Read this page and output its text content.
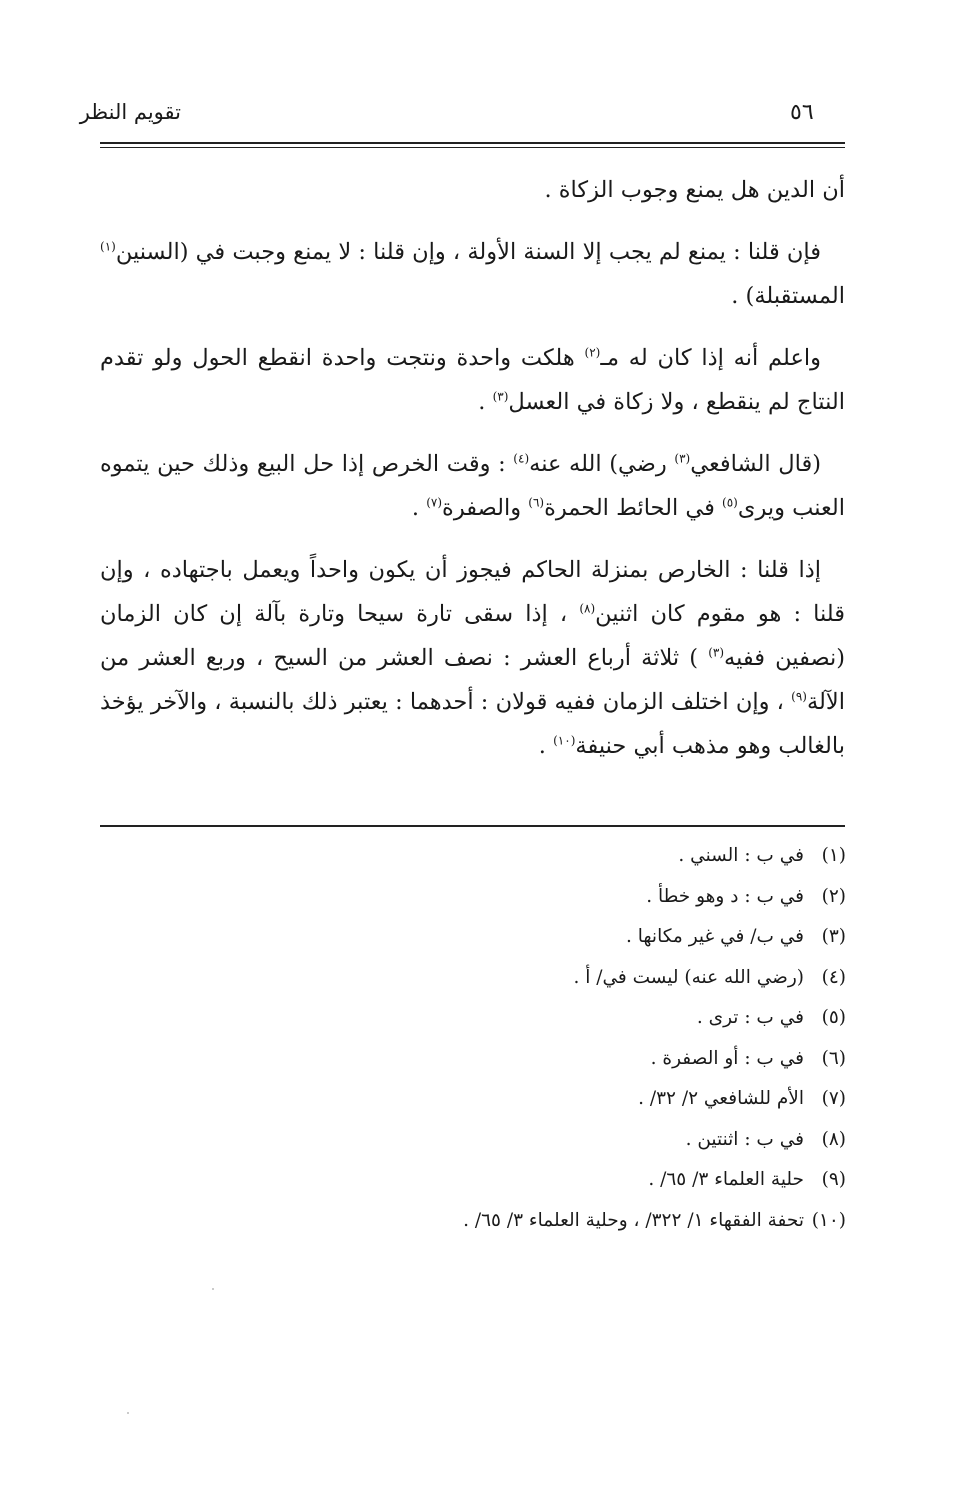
تقويم النظر	٥٦

أن الدين هل يمنع وجوب الزكاة .

فإن قلنا : يمنع لم يجب إلا السنة الأولة ، وإن قلنا : لا يمنع وجبت في (السنين$^{(١)}$ المستقبلة) .

واعلم أنه إذا كان له مـ$^{(٢)}$ هلكت واحدة ونتجت واحدة انقطع الحول ولو تقدم النتاج لم ينقطع ، ولا زكاة في العسل$^{(٣)}$ .

(قال الشافعي$^{(٣)}$ رضي) الله عنه$^{(٤)}$ : وقت الخرص إذا حل البيع وذلك حين يتموه العنب ويرى$^{(٥)}$ في الحائط الحمرة$^{(٦)}$ والصفرة$^{(٧)}$ .

إذا قلنا : الخارص بمنزلة الحاكم فيجوز أن يكون واحداً ويعمل باجتهاده ، وإن قلنا : هو مقوم كان اثنين$^{(٨)}$ ، إذا سقى تارة سيحا وتارة بآلة إن كان الزمان (نصفين ففيه$^{(٣)}$ ) ثلاثة أرباع العشر : نصف العشر من السيح ، وربع العشر من الآلة$^{(٩)}$ ، وإن اختلف الزمان ففيه قولان : أحدهما : يعتبر ذلك بالنسبة ، والآخر يؤخذ بالغالب وهو مذهب أبي حنيفة$^{(١٠)}$ .

(١)في ب : السني .
(٢)في ب : د وهو خطأ .
(٣)في ب/ في غير مكانها .
(٤)(رضي الله عنه) ليست في/ أ .
(٥)في ب : ترى .
(٦)في ب : أو الصفرة .
(٧)الأم للشافعي ٢/ ٣٢/ .
(٨)في ب : اثنتين .
(٩)حلية العلماء ٣/ ٦٥/ .
(١٠)تحفة الفقهاء ١/ ٣٢٢/ ، وحلية العلماء ٣/ ٦٥/ .
